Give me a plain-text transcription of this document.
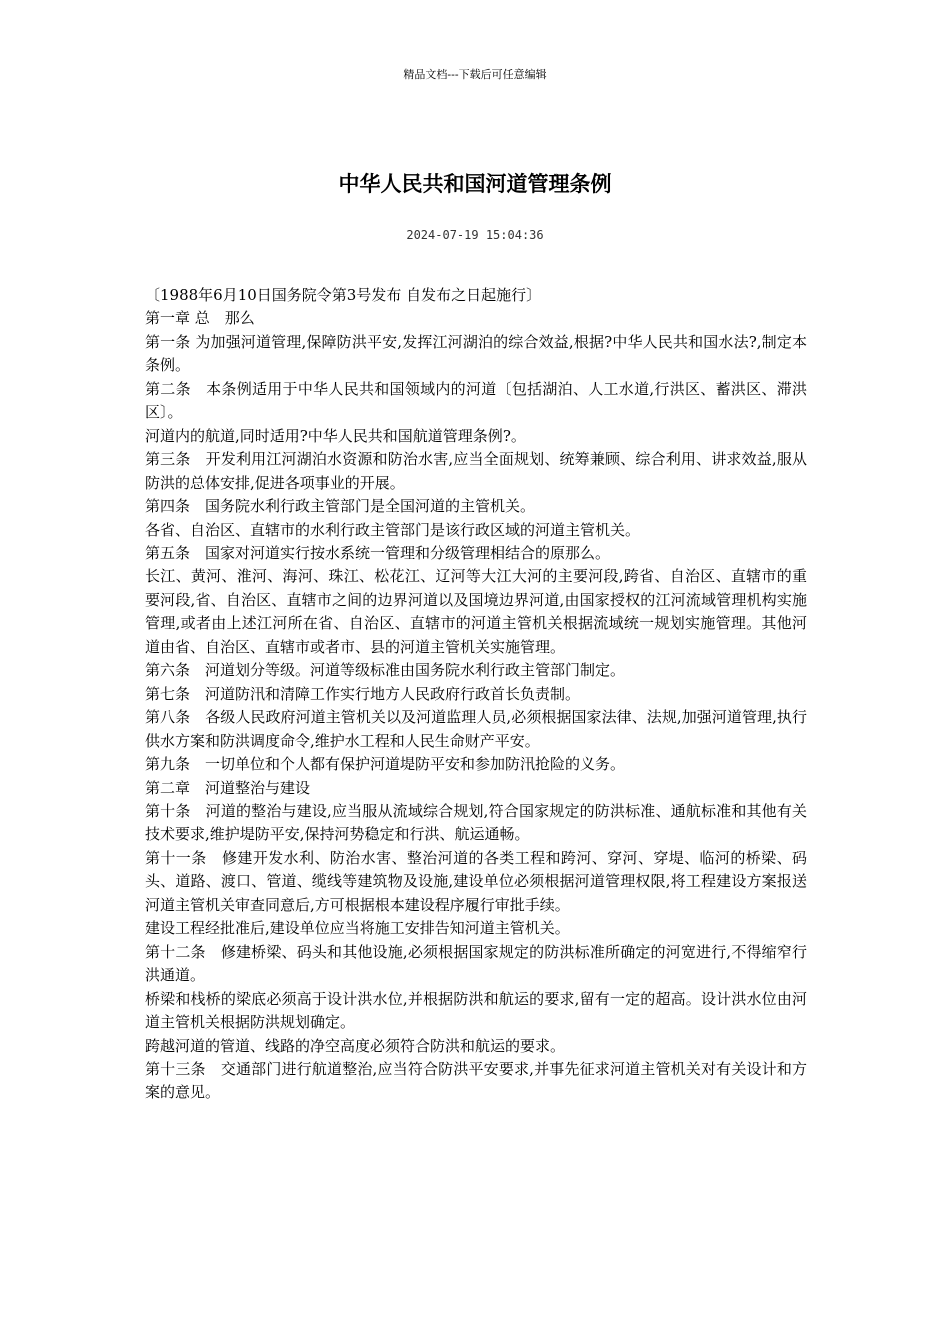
精品文档---下载后可任意编辑
中华人民共和国河道管理条例
2024-07-19 15:04:36

〔1988年6月10日国务院令第3号发布 自发布之日起施行〕

第一章 总　那么

第一条 为加强河道管理,保障防洪平安,发挥江河湖泊的综合效益,根据?中华人民共和国水法?,制定本条例。

第二条　本条例适用于中华人民共和国领域内的河道〔包括湖泊、人工水道,行洪区、蓄洪区、滞洪区〕。

河道内的航道,同时适用?中华人民共和国航道管理条例?。

第三条　开发利用江河湖泊水资源和防治水害,应当全面规划、统筹兼顾、综合利用、讲求效益,服从防洪的总体安排,促进各项事业的开展。

第四条　国务院水利行政主管部门是全国河道的主管机关。

各省、自治区、直辖市的水利行政主管部门是该行政区域的河道主管机关。

第五条　国家对河道实行按水系统一管理和分级管理相结合的原那么。

长江、黄河、淮河、海河、珠江、松花江、辽河等大江大河的主要河段,跨省、自治区、直辖市的重要河段,省、自治区、直辖市之间的边界河道以及国境边界河道,由国家授权的江河流域管理机构实施管理,或者由上述江河所在省、自治区、直辖市的河道主管机关根据流域统一规划实施管理。其他河道由省、自治区、直辖市或者市、县的河道主管机关实施管理。

第六条　河道划分等级。河道等级标准由国务院水利行政主管部门制定。

第七条　河道防汛和清障工作实行地方人民政府行政首长负责制。

第八条　各级人民政府河道主管机关以及河道监理人员,必须根据国家法律、法规,加强河道管理,执行供水方案和防洪调度命令,维护水工程和人民生命财产平安。

第九条　一切单位和个人都有保护河道堤防平安和参加防汛抢险的义务。

第二章　河道整治与建设

第十条　河道的整治与建设,应当服从流域综合规划,符合国家规定的防洪标准、通航标准和其他有关技术要求,维护堤防平安,保持河势稳定和行洪、航运通畅。

第十一条　修建开发水利、防治水害、整治河道的各类工程和跨河、穿河、穿堤、临河的桥梁、码头、道路、渡口、管道、缆线等建筑物及设施,建设单位必须根据河道管理权限,将工程建设方案报送河道主管机关审查同意后,方可根据根本建设程序履行审批手续。

建设工程经批准后,建设单位应当将施工安排告知河道主管机关。

第十二条　修建桥梁、码头和其他设施,必须根据国家规定的防洪标准所确定的河宽进行,不得缩窄行洪通道。

桥梁和栈桥的梁底必须高于设计洪水位,并根据防洪和航运的要求,留有一定的超高。设计洪水位由河道主管机关根据防洪规划确定。

跨越河道的管道、线路的净空高度必须符合防洪和航运的要求。

第十三条　交通部门进行航道整治,应当符合防洪平安要求,并事先征求河道主管机关对有关设计和方案的意见。
